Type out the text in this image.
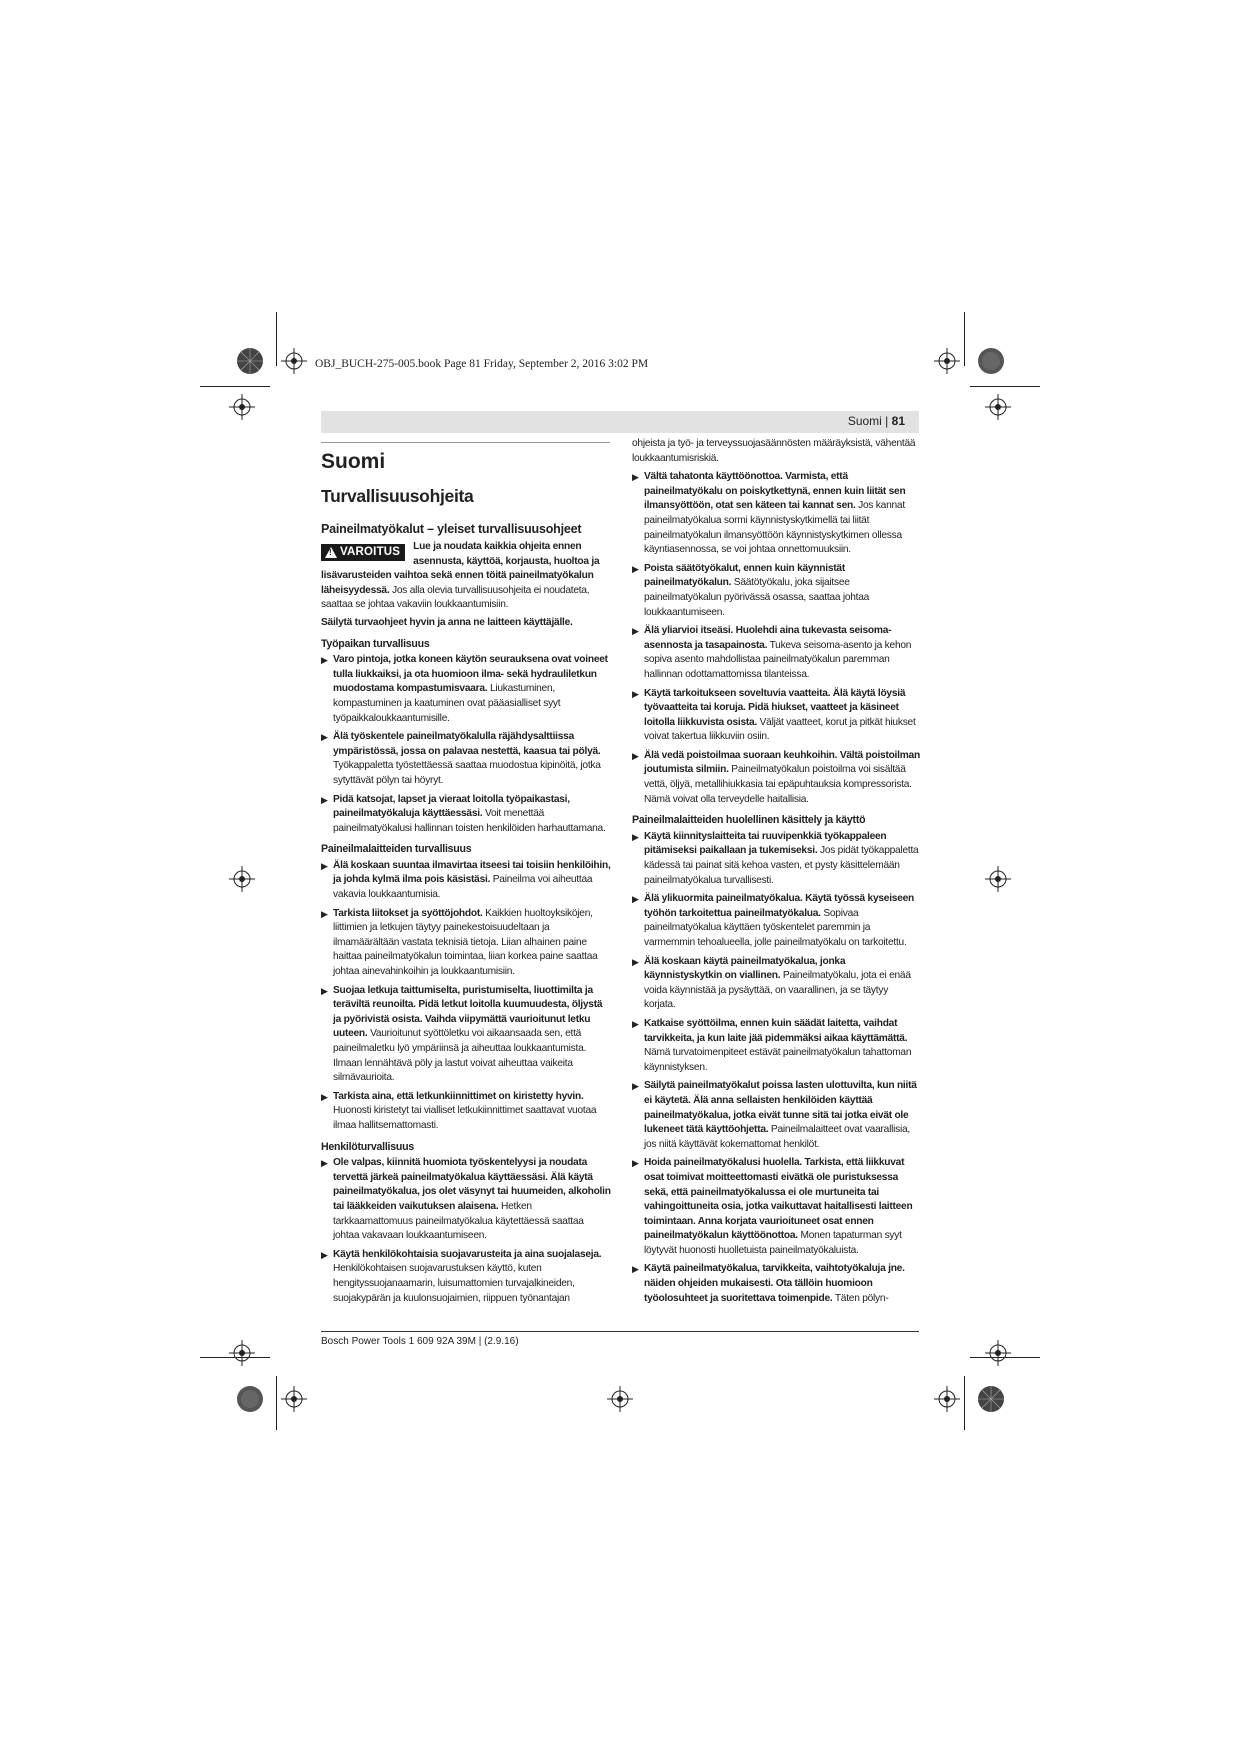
OBJ_BUCH-275-005.book Page 81 Friday, September 2, 2016 3:02 PM
Suomi | 81
Suomi
Turvallisuusohjeita
Paineilmatyökalut – yleiset turvallisuusohjeet
!
VAROITUS Lue ja noudata kaikkia ohjeita ennen asennusta, käyttöä, korjausta, huoltoa ja lisävarusteiden vaihtoa sekä ennen töitä paineilmatyökalun läheisyydessä. Jos alla olevia turvallisuusohjeita ei noudateta, saattaa se johtaa vakaviin loukkaantumisiin.
Säilytä turvaohjeet hyvin ja anna ne laitteen käyttäjälle.
Työpaikan turvallisuus
▶ Varo pintoja, jotka koneen käytön seurauksena ovat voineet tulla liukkaiksi, ja ota huomioon ilma- sekä hydrauliletkun muodostama kompastumisvaara. Liukastuminen, kompastuminen ja kaatuminen ovat pääasialliset syyt työpaikkaloukkaantumisille.
▶ Älä työskentele paineilmatyökalulla räjähdysalttiissa ympäristössä, jossa on palavaa nestettä, kaasua tai pölyä. Työkappaletta työstettäessä saattaa muodostua kipinöitä, jotka sytyttävät pölyn tai höyryt.
▶ Pidä katsojat, lapset ja vieraat loitolla työpaikastasi, paineilmatyökaluja käyttäessäsi. Voit menettää paineilmatyökalusi hallinnan toisten henkilöiden harhauttamana.
Paineilmalaitteiden turvallisuus
▶ Älä koskaan suuntaa ilmavirtaa itseesi tai toisiin henkilöihin, ja johda kylmä ilma pois käsistäsi. Paineilma voi aiheuttaa vakavia loukkaantumisia.
▶ Tarkista liitokset ja syöttöjohdot. Kaikkien huoltoyksiköjen, liittimien ja letkujen täytyy painekestoisuudeltaan ja ilmamäärältään vastata teknisiä tietoja. Liian alhainen paine haittaa paineilmatyökalun toimintaa, liian korkea paine saattaa johtaa ainevahinkoihin ja loukkaantumisiin.
▶ Suojaa letkuja taittumiselta, puristumiselta, liuottimilta ja teräviltä reunoilta. Pidä letkut loitolla kuumuudesta, öljystä ja pyörivistä osista. Vaihda viipymättä vaurioitunut letku uuteen. Vaurioitunut syöttöletku voi aikaansaada sen, että paineilmaletku lyö ympäriinsä ja aiheuttaa loukkaantumista. Ilmaan lennähtävä pöly ja lastut voivat aiheuttaa vaikeita silmävaurioita.
▶ Tarkista aina, että letkunkiinnittimet on kiristetty hyvin. Huonosti kiristetyt tai vialliset letkukiinnittimet saattavat vuotaa ilmaa hallitsemattomasti.
Henkilöturvallisuus
▶ Ole valpas, kiinnitä huomiota työskentelyysi ja noudata tervettä järkeä paineilmatyökalua käyttäessäsi. Älä käytä paineilmatyökalua, jos olet väsynyt tai huumeiden, alkoholin tai lääkkeiden vaikutuksen alaisena. Hetken tarkkaamattomuus paineilmatyökalua käytettäessä saattaa johtaa vakavaan loukkaantumiseen.
▶ Käytä henkilökohtaisia suojavarusteita ja aina suojalaseja. Henkilökohtaisen suojavarustuksen käyttö, kuten hengityssuojanaamarin, luisumattomien turvajalkineiden, suojakypärän ja kuulonsuojaimien, riippuen työnantajan
ohjeista ja työ- ja terveyssuojasäännösten määräyksistä, vähentää loukkaantumisriskiä.
▶ Vältä tahatonta käyttöönottoa. Varmista, että paineilmatyökalu on poiskytkettynä, ennen kuin liität sen ilmansyöttöön, otat sen käteen tai kannat sen. Jos kannat paineilmatyökalua sormi käynnistyskytkimellä tai liität paineilmatyökalun ilmansyöttöön käynnistyskytkimen ollessa käyntiasennossa, se voi johtaa onnettomuuksiin.
▶ Poista säätötyökalut, ennen kuin käynnistät paineilmatyökalun. Säätötyökalu, joka sijaitsee paineilmatyökalun pyörivässä osassa, saattaa johtaa loukkaantumiseen.
▶ Älä yliarvioi itseäsi. Huolehdi aina tukevasta seisoma-asennosta ja tasapainosta. Tukeva seisoma-asento ja kehon sopiva asento mahdollistaa paineilmatyökalun paremman hallinnan odottamattomissa tilanteissa.
▶ Käytä tarkoitukseen soveltuvia vaatteita. Älä käytä löysiä työvaatteita tai koruja. Pidä hiukset, vaatteet ja käsineet loitolla liikkuvista osista. Väljät vaatteet, korut ja pitkät hiukset voivat takertua liikkuviin osiin.
▶ Älä vedä poistoilmaa suoraan keuhkoihin. Vältä poistoilman joutumista silmiin. Paineilmatyökalun poistoilma voi sisältää vettä, öljyä, metallihiukkasia tai epäpuhtauksia kompressorista. Nämä voivat olla terveydelle haitallisia.
Paineilmalaitteiden huolellinen käsittely ja käyttö
▶ Käytä kiinnityslaitteita tai ruuvipenkkiä työkappaleen pitämiseksi paikallaan ja tukemiseksi. Jos pidät työkappaletta kädessä tai painat sitä kehoa vasten, et pysty käsittelemään paineilmatyökalua turvallisesti.
▶ Älä ylikuormita paineilmatyökalua. Käytä työssä kyseiseen työhön tarkoitettua paineilmatyökalua. Sopivaa paineilmatyökalua käyttäen työskentelet paremmin ja varmemmin tehoalueella, jolle paineilmatyökalu on tarkoitettu.
▶ Älä koskaan käytä paineilmatyökalua, jonka käynnistyskytkin on viallinen. Paineilmatyökalu, jota ei enää voida käynnistää ja pysäyttää, on vaarallinen, ja se täytyy korjata.
▶ Katkaise syöttöilma, ennen kuin säädät laitetta, vaihdat tarvikkeita, ja kun laite jää pidemmäksi aikaa käyttämättä. Nämä turvatoimenpiteet estävät paineilmatyökalun tahattoman käynnistyksen.
▶ Säilytä paineilmatyökalut poissa lasten ulottuvilta, kun niitä ei käytetä. Älä anna sellaisten henkilöiden käyttää paineilmatyökalua, jotka eivät tunne sitä tai jotka eivät ole lukeneet tätä käyttöohjetta. Paineilmalaitteet ovat vaarallisia, jos niitä käyttävät kokemattomat henkilöt.
▶ Hoida paineilmatyökalusi huolella. Tarkista, että liikkuvat osat toimivat moitteettomasti eivätkä ole puristuksessa sekä, että paineilmatyökalussa ei ole murtuneita tai vahingoittuneita osia, jotka vaikuttavat haitallisesti laitteen toimintaan. Anna korjata vaurioituneet osat ennen paineilmatyökalun käyttöönottoa. Monen tapaturman syyt löytyvät huonosti huolletuista paineilmatyökaluista.
▶ Käytä paineilmatyökalua, tarvikkeita, vaihtotyökaluja jne. näiden ohjeiden mukaisesti. Ota tällöin huomioon työolosuhteet ja suoritettava toimenpide. Täten pölyn-
Bosch Power Tools 1 609 92A 39M | (2.9.16)
